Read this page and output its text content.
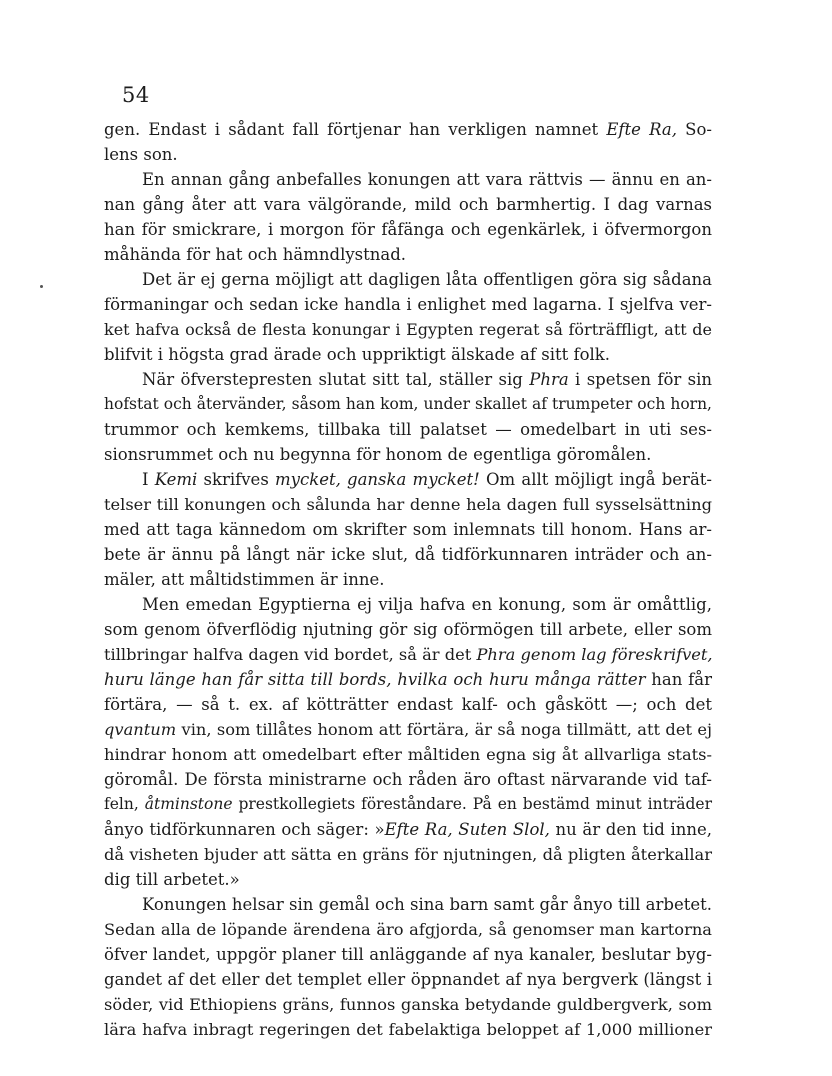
54
gen. Endast i sådant fall förtjenar han verkligen namnet Efte Ra, So-
lens son.
En annan gång anbefalles konungen att vara rättvis — ännu en an-
nan gång åter att vara välgörande, mild och barmhertig. I dag varnas
han för smickrare, i morgon för fåfänga och egenkärlek, i öfvermorgon
måhända för hat och hämndlystnad.
Det är ej gerna möjligt att dagligen låta offentligen göra sig sådana
förmaningar och sedan icke handla i enlighet med lagarna. I sjelfva ver-
ket hafva också de flesta konungar i Egypten regerat så förträffligt, att de
blifvit i högsta grad ärade och uppriktigt älskade af sitt folk.
När öfverstepresten slutat sitt tal, ställer sig Phra i spetsen för sin
hofstat och återvänder, såsom han kom, under skallet af trumpeter och horn,
trummor och kemkems, tillbaka till palatset — omedelbart in uti ses-
sionsrummet och nu begynna för honom de egentliga göromålen.
I Kemi skrifves mycket, ganska mycket! Om allt möjligt ingå berät-
telser till konungen och sålunda har denne hela dagen full sysselsättning
med att taga kännedom om skrifter som inlemnats till honom. Hans ar-
bete är ännu på långt när icke slut, då tidförkunnaren inträder och an-
mäler, att måltidstimmen är inne.
Men emedan Egyptierna ej vilja hafva en konung, som är omåttlig,
som genom öfverflödig njutning gör sig oförmögen till arbete, eller som
tillbringar halfva dagen vid bordet, så är det Phra genom lag föreskrifvet,
huru länge han får sitta till bords, hvilka och huru många rätter han får
förtära, — så t. ex. af kötträtter endast kalf- och gåskött —; och det
qvantum vin, som tillåtes honom att förtära, är så noga tillmätt, att det ej
hindrar honom att omedelbart efter måltiden egna sig åt allvarliga stats-
göromål. De första ministrarne och råden äro oftast närvarande vid taf-
feln, åtminstone prestkollegiets föreståndare. På en bestämd minut inträder
ånyo tidförkunnaren och säger: »Efte Ra, Suten Slol, nu är den tid inne,
då visheten bjuder att sätta en gräns för njutningen, då pligten återkallar
dig till arbetet.»
Konungen helsar sin gemål och sina barn samt går ånyo till arbetet.
Sedan alla de löpande ärendena äro afgjorda, så genomser man kartorna
öfver landet, uppgör planer till anläggande af nya kanaler, beslutar byg-
gandet af det eller det templet eller öppnandet af nya bergverk (längst i
söder, vid Ethiopiens gräns, funnos ganska betydande guldbergverk, som
lära hafva inbragt regeringen det fabelaktiga beloppet af 1,000 millioner
